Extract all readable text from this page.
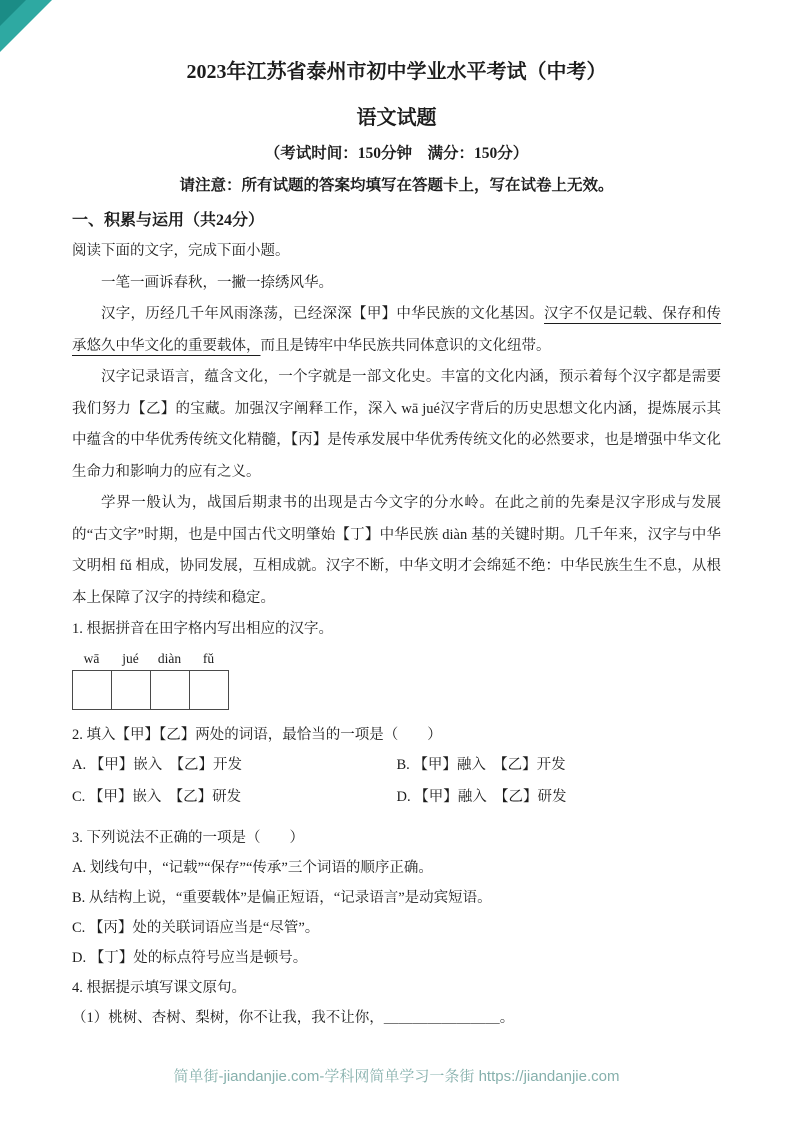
2023年江苏省泰州市初中学业水平考试（中考）
语文试题
（考试时间：150分钟　满分：150分）
请注意：所有试题的答案均填写在答题卡上，写在试卷上无效。
一、积累与运用（共24分）

阅读下面的文字，完成下面小题。

一笔一画诉春秋，一撇一捺绣风华。

汉字，历经几千年风雨涤荡，已经深深【甲】中华民族的文化基因。汉字不仅是记载、保存和传承悠久中华文化的重要载体，而且是铸牢中华民族共同体意识的文化纽带。

汉字记录语言，蕴含文化，一个字就是一部文化史。丰富的文化内涵，预示着每个汉字都是需要我们努力【乙】的宝藏。加强汉字阐释工作，深入 wā jué汉字背后的历史思想文化内涵，提炼展示其中蕴含的中华优秀传统文化精髓，【丙】是传承发展中华优秀传统文化的必然要求，也是增强中华文化生命力和影响力的应有之义。

学界一般认为，战国后期隶书的出现是古今文字的分水岭。在此之前的先秦是汉字形成与发展的“古文字”时期，也是中国古代文明肇始【丁】中华民族 diàn 基的关键时期。几千年来，汉字与中华文明相 fǔ 相成，协同发展，互相成就。汉字不断，中华文明才会绵延不绝：中华民族生生不息，从根本上保障了汉字的持续和稳定。

1. 根据拼音在田字格内写出相应的汉字。

wā	jué	diàn	fǔ

2. 填入【甲】【乙】两处的词语，最恰当的一项是（　　）

A. 【甲】嵌入　【乙】开发	B. 【甲】融入　【乙】开发
C. 【甲】嵌入　【乙】研发	D. 【甲】融入　【乙】研发

3. 下列说法不正确的一项是（　　）

A. 划线句中，“记载”“保存”“传承”三个词语的顺序正确。

B. 从结构上说，“重要载体”是偏正短语，“记录语言”是动宾短语。

C. 【丙】处的关联词语应当是“尽管”。

D. 【丁】处的标点符号应当是顿号。

4. 根据提示填写课文原句。

（1）桃树、杏树、梨树，你不让我，我不让你，＿＿＿＿＿＿＿＿。

简单街-jiandanjie.com-学科网简单学习一条街 https://jiandanjie.com
